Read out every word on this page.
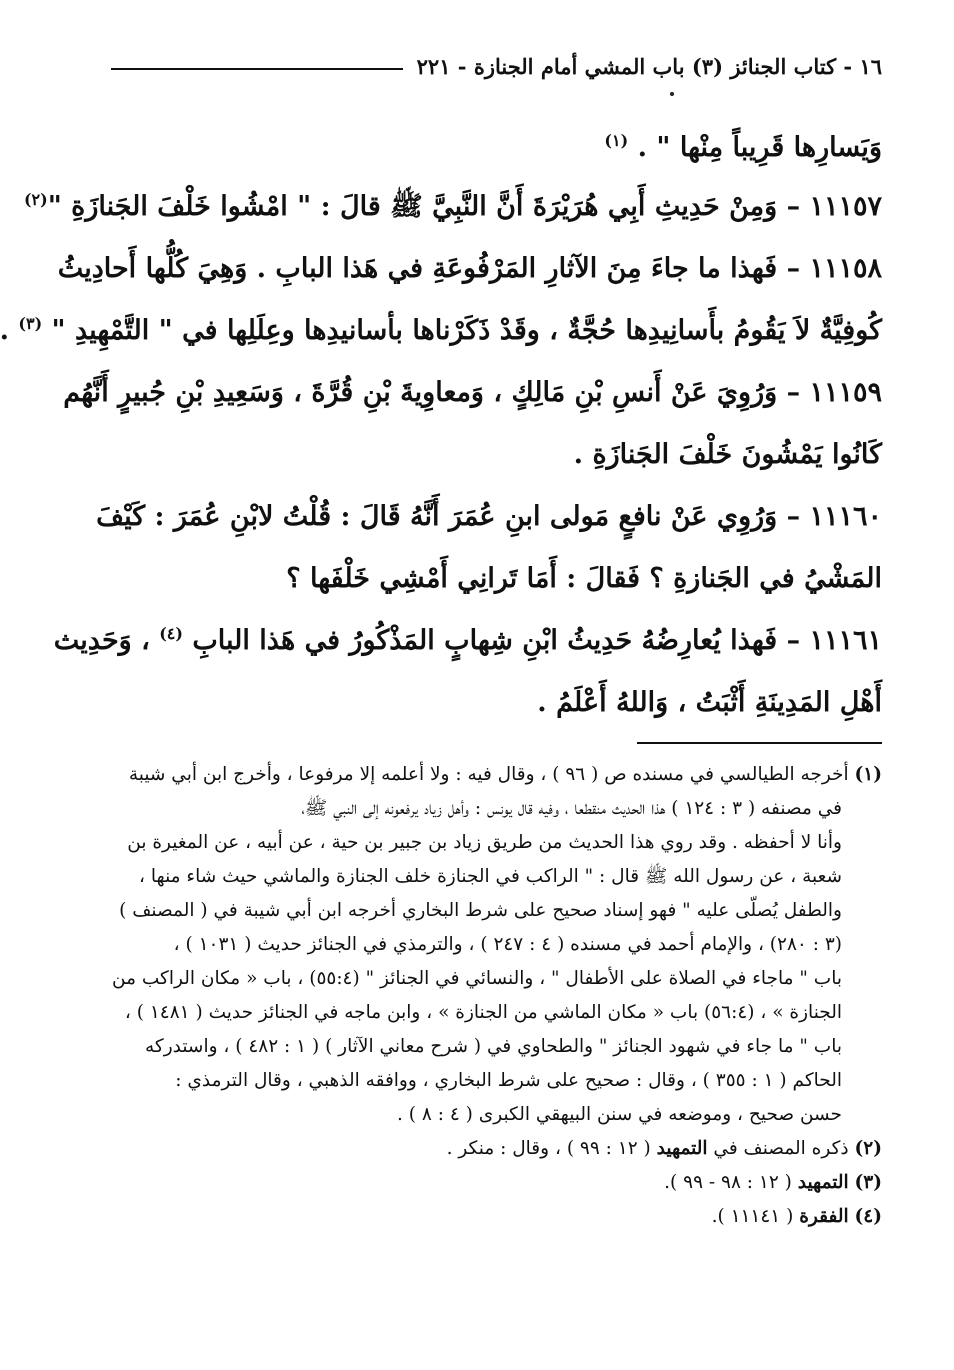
١٦ - كتاب الجنائز (٣) باب المشي أمام الجنازة - ٢٢١

وَيَسارِها قَرِيباً مِنْها " . $^{(١)}$

١١١٥٧ – وَمِنْ حَدِيثِ أَبِي هُرَيْرَةَ أَنَّ النَّبِيَّ ﷺ قالَ : " امْشُوا خَلْفَ الجَنازَةِ "$^{(٢)}$

١١١٥٨ – فَهذا ما جاءَ مِنَ الآثارِ المَرْفُوعَةِ في هَذا البابِ . وَهِيَ كُلُّها أَحادِيثُ
كُوفِيَّةٌ لاَ يَقُومُ بأَسانِيدِها حُجَّةٌ ، وقَدْ ذَكَرْناها بأسانيدِها وعِلَلِها في " التَّمْهِيدِ " $^{(٣)}$ .

١١١٥٩ – وَرُوِيَ عَنْ أَنسِ بْنِ مَالِكٍ ، وَمعاوِيةَ بْنِ قُرَّةَ ، وَسَعِيدِ بْنِ جُبيرٍ أَنَّهُم
كَانُوا يَمْشُونَ خَلْفَ الجَنازَةِ .

١١١٦٠ – وَرُوِي عَنْ نافعٍ مَولى ابنِ عُمَرَ أَنَّهُ قَالَ : قُلْتُ لابْنِ عُمَرَ : كَيْفَ
المَشْيُ في الجَنازةِ ؟ فَقالَ : أَمَا تَرانِي أَمْشِي خَلْفَها ؟

١١١٦١ – فَهذا يُعارِضُهُ حَدِيثُ ابْنِ شِهابٍ المَذْكُورُ في هَذا البابِ $^{(٤)}$ ، وَحَدِيث
أَهْلِ المَدِينَةِ أَثْبَتُ ، وَاللهُ أَعْلَمُ .

(١) أخرجه الطيالسي في مسنده ص ( ٩٦ ) ، وقال فيه : ولا أعلمه إلا مرفوعا ، وأخرج ابن أبي شيبة
في مصنفه ( ٣ : ١٢٤ ) هذا الحديث منقطعا ، وفيه قال يونس : وأهل زياد يرفعونه إلى النبي ﷺ،
وأنا لا أحفظه . وقد روي هذا الحديث من طريق زياد بن جبير بن حية ، عن أبيه ، عن المغيرة بن
شعبة ، عن رسول الله ﷺ قال : " الراكب في الجنازة خلف الجنازة والماشي حيث شاء منها ،
والطفل يُصلّى عليه " فهو إسناد صحيح على شرط البخاري أخرجه ابن أبي شيبة في ( المصنف )
(٣ : ٢٨٠) ، والإمام أحمد في مسنده ( ٤ : ٢٤٧ ) ، والترمذي في الجنائز حديث ( ١٠٣١ ) ،
باب " ماجاء في الصلاة على الأطفال " ، والنسائي في الجنائز " (٥٥:٤) ، باب « مكان الراكب من
الجنازة » ، (٥٦:٤) باب « مكان الماشي من الجنازة » ، وابن ماجه في الجنائز حديث ( ١٤٨١ ) ،
باب " ما جاء في شهود الجنائز " والطحاوي في ( شرح معاني الآثار ) ( ١ : ٤٨٢ ) ، واستدركه
الحاكم ( ١ : ٣٥٥ ) ، وقال : صحيح على شرط البخاري ، ووافقه الذهبي ، وقال الترمذي :
حسن صحيح ، وموضعه في سنن البيهقي الكبرى ( ٤ : ٨ ) .
(٢) ذكره المصنف في التمهيد ( ١٢ : ٩٩ ) ، وقال : منكر .
(٣) التمهيد ( ١٢ : ٩٨ - ٩٩ ).
(٤) الفقرة ( ١١١٤١ ).
